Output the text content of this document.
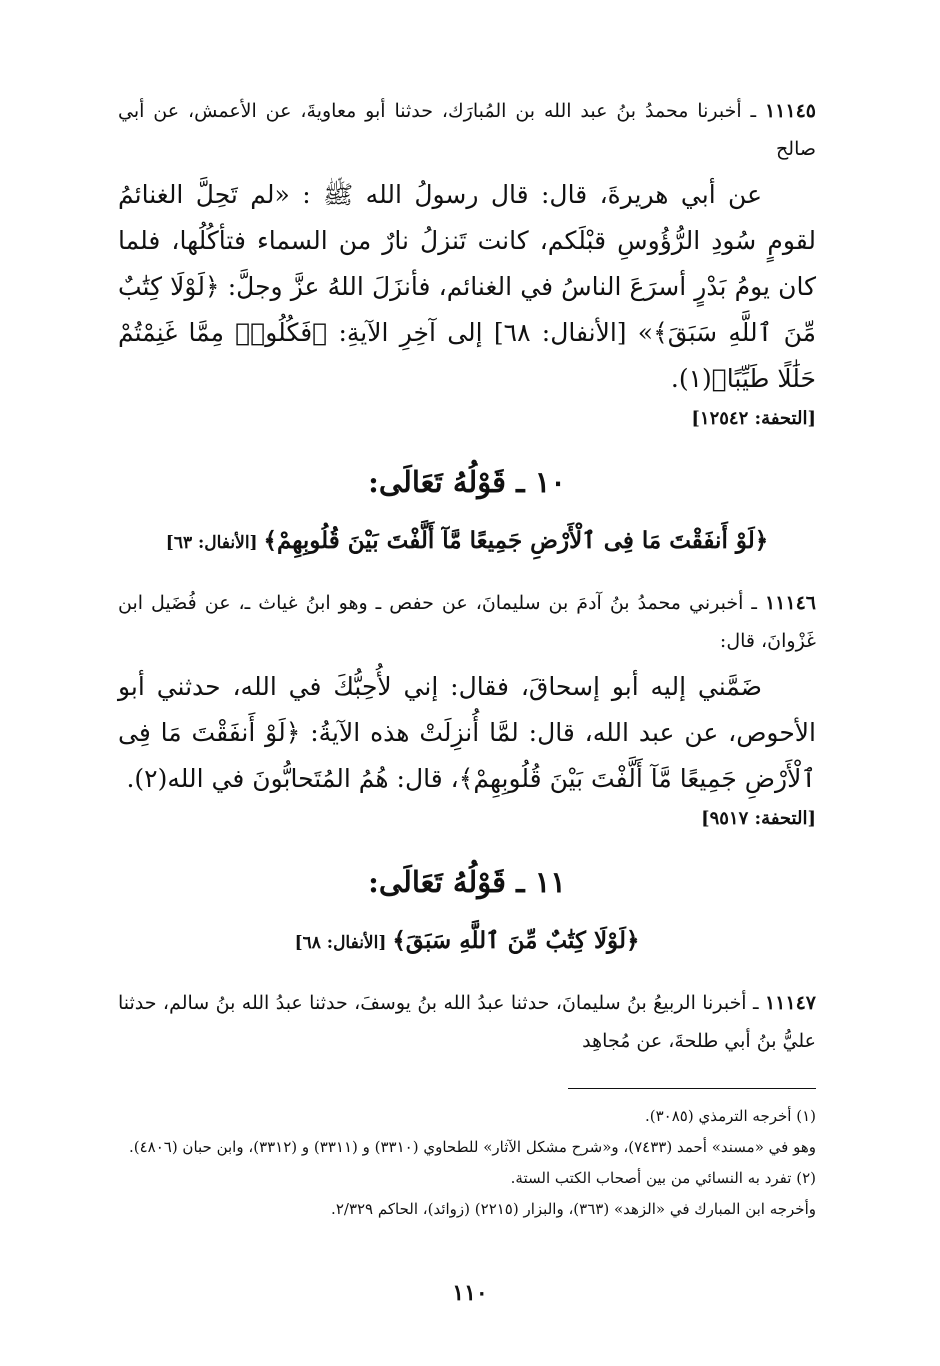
١١١٤٥ ـ أخبرنا محمدُ بنُ عبد الله بن المُبارَك، حدثنا أبو معاويةَ، عن الأعمش، عن أبي صالح

عن أبي هريرةَ، قال: قال رسولُ الله ﷺ : «لم تَحِلَّ الغنائمُ لقومٍ سُودِ الرُّؤُوسِ قبْلَكم، كانت تَنزلُ نارٌ من السماء فتأكُلُها، فلما كان يومُ بَدْرٍ أسرَعَ الناسُ في الغنائم، فأنزَلَ اللهُ عزَّ وجلَّ: ﴿لَوْلَا كِتَٰبٌ مِّنَ ٱللَّهِ سَبَقَ﴾» [الأنفال: ٦٨] إلى آخِرِ الآيةِ: ﴿فَكُلُوا۟ مِمَّا غَنِمْتُمْ حَلَٰلًا طَيِّبًا﴾(١).

[التحفة: ١٢٥٤٢]

١٠ ـ قَوْلُهُ تَعَالَى:
﴿لَوْ أَنفَقْتَ مَا فِى ٱلْأَرْضِ جَمِيعًا مَّآ أَلَّفْتَ بَيْنَ قُلُوبِهِمْ﴾ [الأنفال: ٦٣]

١١١٤٦ ـ أخبرني محمدُ بنُ آدمَ بن سليمانَ، عن حفص ـ وهو ابنُ غياث ـ، عن فُضَيل ابن غَزْوانَ، قال:

ضَمَّني إليه أبو إسحاقَ، فقال: إني لأُحِبُّكَ في الله، حدثني أبو الأحوص، عن عبد الله، قال: لمَّا أُنزِلَتْ هذه الآيةُ: ﴿لَوْ أَنفَقْتَ مَا فِى ٱلْأَرْضِ جَمِيعًا مَّآ أَلَّفْتَ بَيْنَ قُلُوبِهِمْ﴾، قال: هُمُ المُتَحابُّونَ في الله(٢).

[التحفة: ٩٥١٧]

١١ ـ قَوْلُهُ تَعَالَى:
﴿لَوْلَا كِتَٰبٌ مِّنَ ٱللَّهِ سَبَقَ﴾ [الأنفال: ٦٨]

١١١٤٧ ـ أخبرنا الربيعُ بنُ سليمانَ، حدثنا عبدُ الله بنُ يوسفَ، حدثنا عبدُ الله بنُ سالم، حدثنا عليُّ بنُ أبي طلحةَ، عن مُجاهِد

(١) أخرجه الترمذي (٣٠٨٥).

وهو في «مسند» أحمد (٧٤٣٣)، و«شرح مشكل الآثار» للطحاوي (٣٣١٠) و (٣٣١١) و (٣٣١٢)، وابن حبان (٤٨٠٦).

(٢) تفرد به النسائي من بين أصحاب الكتب الستة.

وأخرجه ابن المبارك في «الزهد» (٣٦٣)، والبزار (٢٢١٥) (زوائد)، الحاكم ٢/٣٢٩.

١١٠
